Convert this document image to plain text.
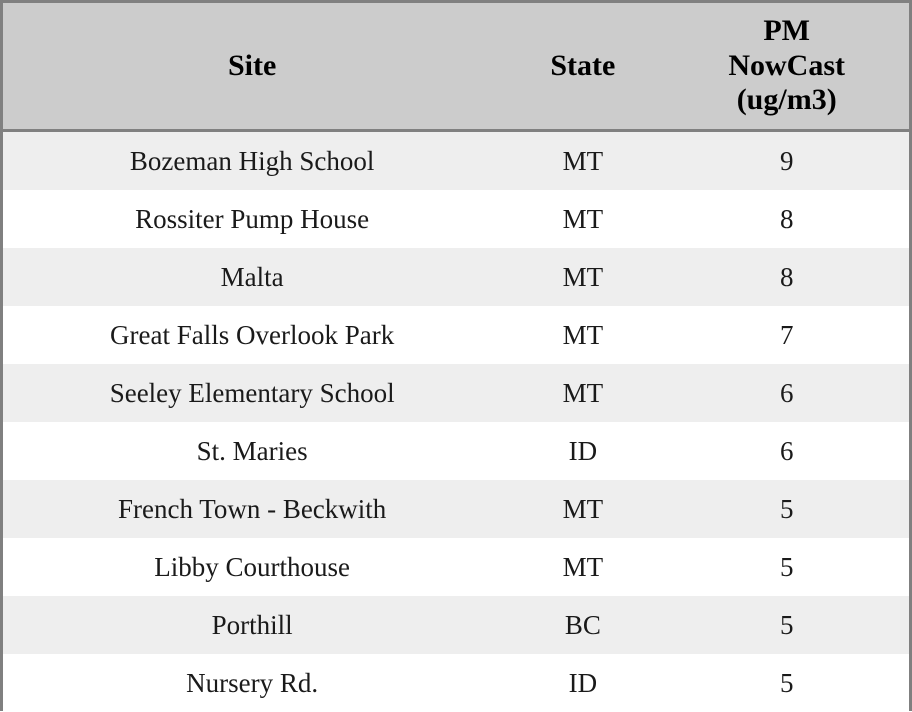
Site	State	PM
NowCast
(ug/m3)

Bozeman High School	MT	9
Rossiter Pump House	MT	8
Malta	MT	8
Great Falls Overlook Park	MT	7
Seeley Elementary School	MT	6
St. Maries	ID	6
French Town - Beckwith	MT	5
Libby Courthouse	MT	5
Porthill	BC	5
Nursery Rd.	ID	5
